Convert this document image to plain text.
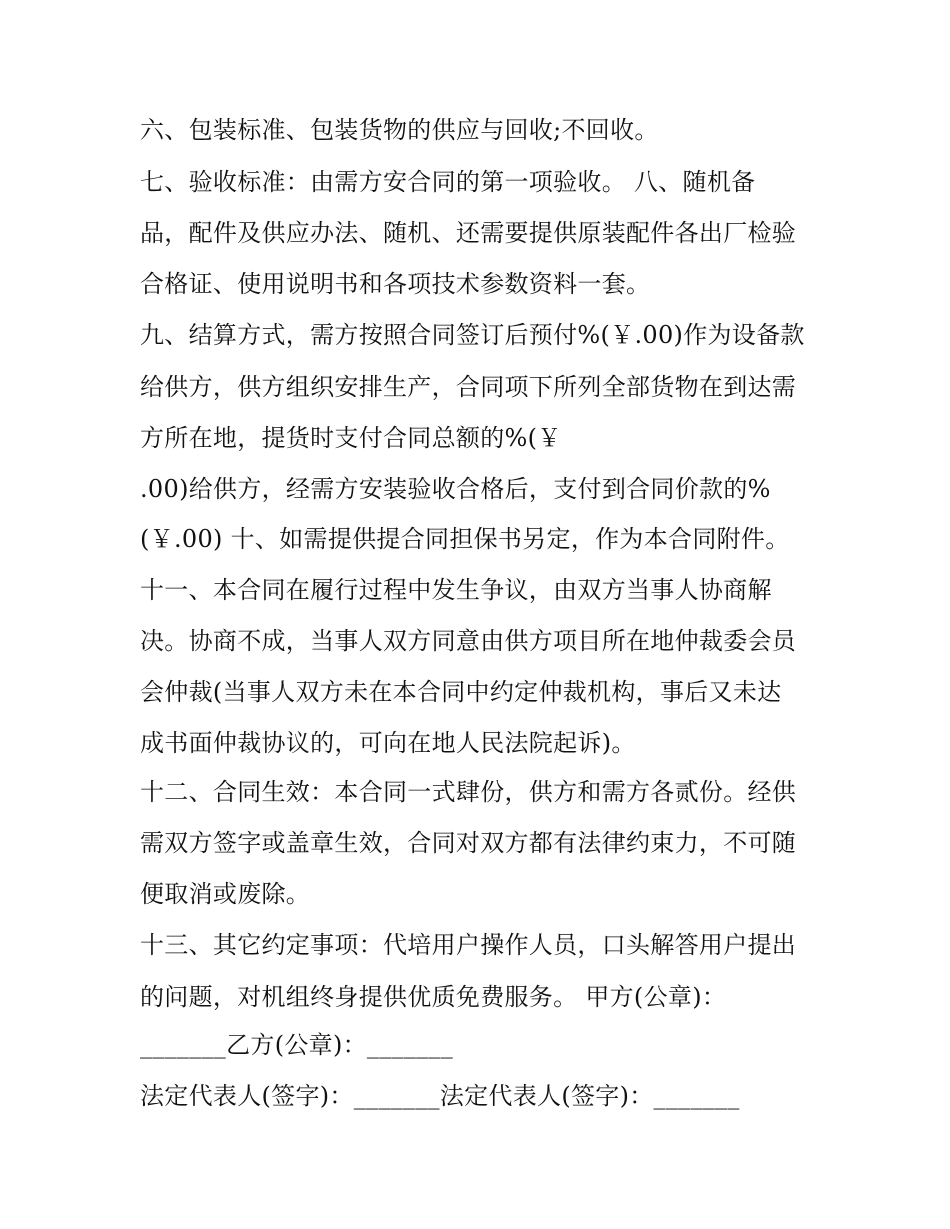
六、包装标准、包装货物的供应与回收;不回收。
七、验收标准：由需方安合同的第一项验收。 八、随机备
品，配件及供应办法、随机、还需要提供原装配件各出厂检验
合格证、使用说明书和各项技术参数资料一套。
九、结算方式，需方按照合同签订后预付%(￥.00)作为设备款
给供方，供方组织安排生产，合同项下所列全部货物在到达需
方所在地，提货时支付合同总额的%(￥
.00)给供方，经需方安装验收合格后，支付到合同价款的%
(￥.00) 十、如需提供提合同担保书另定，作为本合同附件。
十一、本合同在履行过程中发生争议，由双方当事人协商解
决。协商不成，当事人双方同意由供方项目所在地仲裁委会员
会仲裁(当事人双方未在本合同中约定仲裁机构，事后又未达
成书面仲裁协议的，可向在地人民法院起诉)。
十二、合同生效：本合同一式肆份，供方和需方各贰份。经供
需双方签字或盖章生效，合同对双方都有法律约束力，不可随
便取消或废除。
十三、其它约定事项：代培用户操作人员，口头解答用户提出
的问题，对机组终身提供优质免费服务。 甲方(公章)：
_______乙方(公章)：_______
法定代表人(签字)：_______法定代表人(签字)：_______
